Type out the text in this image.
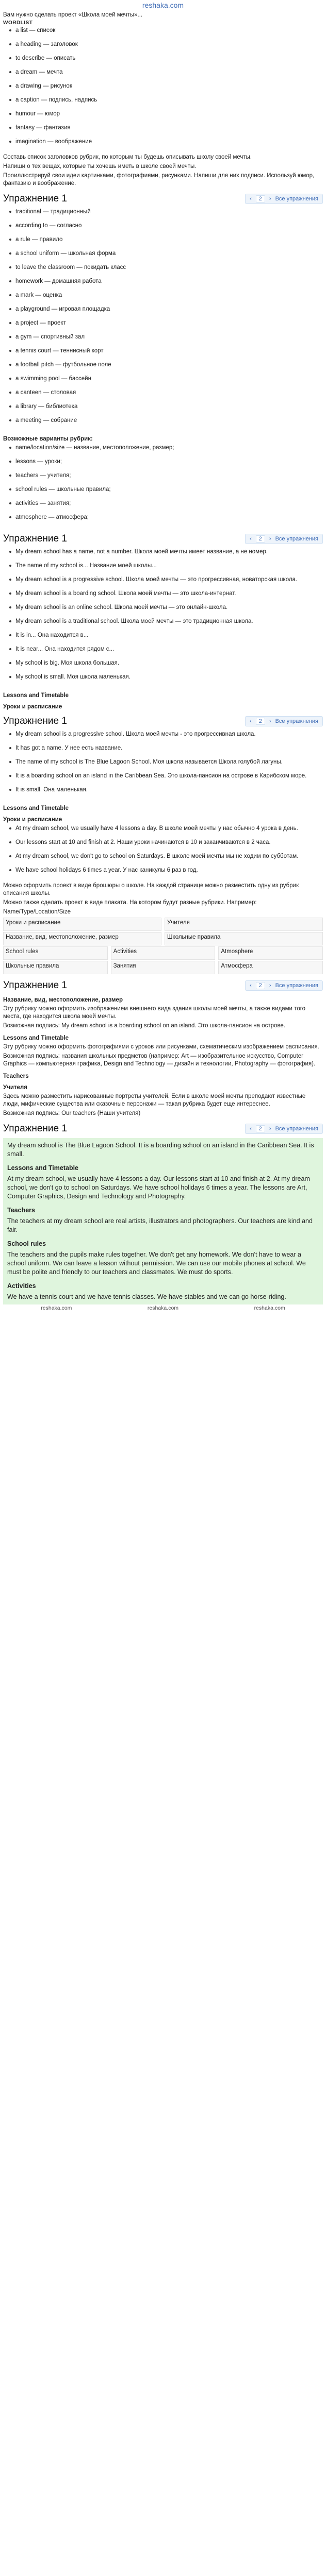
reshaka.com
Вам нужно сделать проект «Школа моей мечты»...
WORDLIST
a list — список
a heading — заголовок
to describe — описать
a dream — мечта
a drawing — рисунок
a caption — подпись, надпись
humour — юмор
fantasy — фантазия
imagination — воображение
Составь список заголовков рубрик, по которым ты будешь описывать школу своей мечты.
Напиши о тех вещах, которые ты хочешь иметь в школе своей мечты.
Проиллюстрируй свои идеи картинками, фотографиями, рисунками. Напиши для них подписи. Используй юмор, фантазию и воображение.
Упражнение 1	‹	2	› Все упражнения
traditional — традиционный
according to — согласно
a rule — правило
a school uniform — школьная форма
to leave the classroom — покидать класс
homework — домашняя работа
a mark — оценка
a playground — игровая площадка
a project — проект
a gym — спортивный зал
a tennis court — теннисный корт
a football pitch — футбольное поле
a swimming pool — бассейн
a canteen — столовая
a library — библиотека
a meeting — собрание
Возможные варианты рубрик:
name/location/size — название, местоположение, размер;
lessons — уроки;
teachers — учителя;
school rules — школьные правила;
activities — занятия;
atmosphere — атмосфера;
Упражнение 1	‹	2	› Все упражнения
My dream school has a name, not a number. Школа моей мечты имеет название, а не номер.
The name of my school is... Название моей школы...
My dream school is a progressive school. Школа моей мечты — это прогрессивная, новаторская школа.
My dream school is a boarding school. Школа моей мечты — это школа-интернат.
My dream school is an online school. Школа моей мечты — это онлайн-школа.
My dream school is a traditional school. Школа моей мечты — это традиционная школа.
It is in... Она находится в...
It is near... Она находится рядом с...
My school is big. Моя школа большая.
My school is small. Моя школа маленькая.
Lessons and Timetable
Уроки и расписание
Упражнение 1	‹	2	› Все упражнения
My dream school is a progressive school. Школа моей мечты - это прогрессивная школа.
It has got a name. У нее есть название.
The name of my school is The Blue Lagoon School. Моя школа называется Школа голубой лагуны.
It is a boarding school on an island in the Caribbean Sea. Это школа-пансион на острове в Карибском море.
It is small. Она маленькая.
Lessons and Timetable
Уроки и расписание
At my dream school, we usually have 4 lessons a day. В школе моей мечты у нас обычно 4 урока в день.
Our lessons start at 10 and finish at 2. Наши уроки начинаются в 10 и заканчиваются в 2 часа.
At my dream school, we don't go to school on Saturdays. В школе моей мечты мы не ходим по субботам.
We have school holidays 6 times a year. У нас каникулы 6 раз в год.
Можно оформить проект в виде брошюры о школе. На каждой странице можно разместить одну из рубрик описания школы.
Можно также сделать проект в виде плаката. На котором будут разные рубрики. Например:
Name/Type/Location/Size
Уроки и расписание	Учителя
Название, вид, местоположение, размер	Школьные правила
School rules	Activities	Atmosphere
Школьные правила	Занятия	Атмосфера
Упражнение 1	‹	2	› Все упражнения
Название, вид, местоположение, размер
Эту рубрику можно оформить изображением внешнего вида здания школы моей мечты, а также видами того места, где находится школа моей мечты.
Возможная подпись: My dream school is a boarding school on an island. Это школа-пансион на острове.
Lessons and Timetable
Эту рубрику можно оформить фотографиями с уроков или рисунками, схематическим изображением расписания.
Возможная подпись: названия школьных предметов (например: Art — изобразительное искусство, Computer Graphics — компьютерная графика, Design and Technology — дизайн и технологии, Photography — фотография).
Teachers
Учителя
Здесь можно разместить нарисованные портреты учителей. Если в школе моей мечты преподают известные люди, мифические существа или сказочные персонажи — такая рубрика будет еще интереснее.
Возможная подпись: Our teachers (Наши учителя)
Упражнение 1	‹	2	› Все упражнения
My dream school is The Blue Lagoon School. It is a boarding school on an island in the Caribbean Sea. It is small.
Lessons and Timetable
At my dream school, we usually have 4 lessons a day. Our lessons start at 10 and finish at 2. At my dream school, we don't go to school on Saturdays. We have school holidays 6 times a year. The lessons are Art, Computer Graphics, Design and Technology and Photography.
Teachers
The teachers at my dream school are real artists, illustrators and photographers. Our teachers are kind and fair.
School rules
The teachers and the pupils make rules together. We don't get any homework. We don't have to wear a school uniform. We can leave a lesson without permission. We can use our mobile phones at school. We must be polite and friendly to our teachers and classmates. We must do sports.
Activities
We have a tennis court and we have tennis classes. We have stables and we can go horse-riding.
reshaka.com	reshaka.com	reshaka.com
